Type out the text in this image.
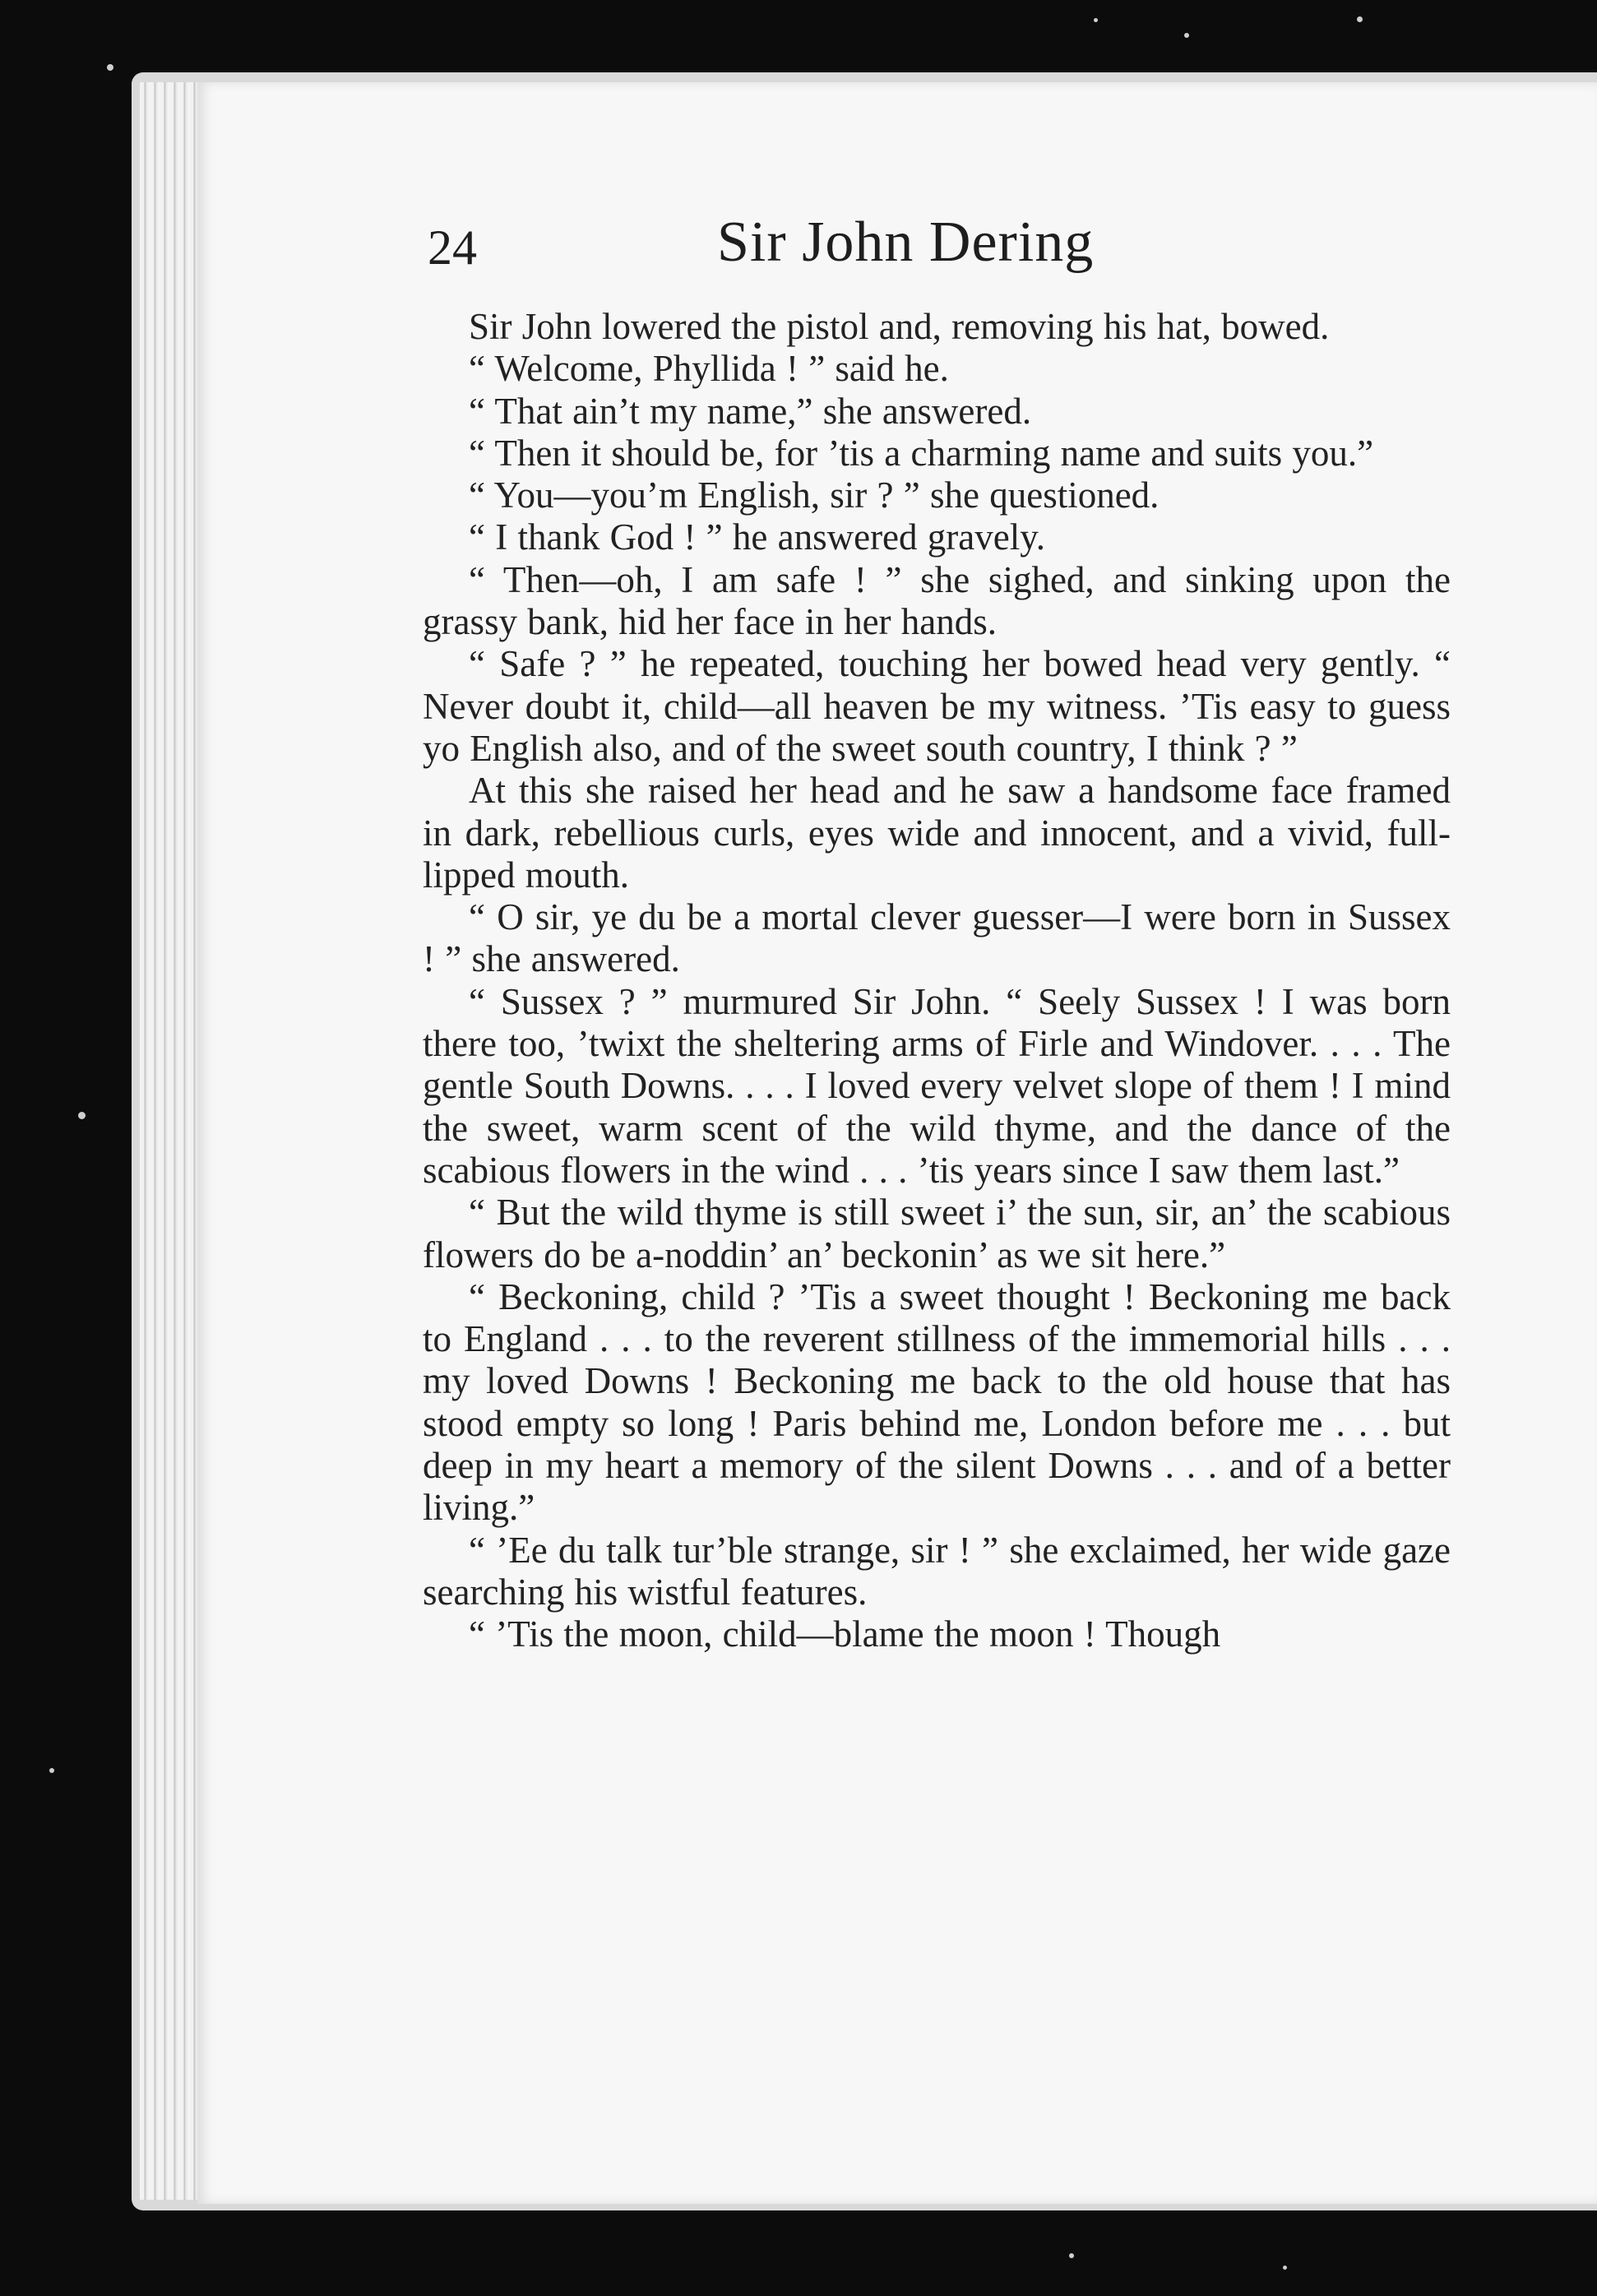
24	Sir John Dering

Sir John lowered the pistol and, removing his hat, bowed.

“ Welcome, Phyllida ! ” said he.

“ That ain’t my name,” she answered.

“ Then it should be, for ’tis a charming name and suits you.”

“ You—you’m English, sir ? ” she questioned.

“ I thank God ! ” he answered gravely.

“ Then—oh, I am safe ! ” she sighed, and sinking upon the grassy bank, hid her face in her hands.

“ Safe ? ” he repeated, touching her bowed head very gently. “ Never doubt it, child—all heaven be my witness. ’Tis easy to guess yo English also, and of the sweet south country, I think ? ”

At this she raised her head and he saw a handsome face framed in dark, rebellious curls, eyes wide and innocent, and a vivid, full-lipped mouth.

“ O sir, ye du be a mortal clever guesser—I were born in Sussex ! ” she answered.

“ Sussex ? ” murmured Sir John. “ Seely Sussex ! I was born there too, ’twixt the sheltering arms of Firle and Windover. . . . The gentle South Downs. . . . I loved every velvet slope of them ! I mind the sweet, warm scent of the wild thyme, and the dance of the scabious flowers in the wind . . . ’tis years since I saw them last.”

“ But the wild thyme is still sweet i’ the sun, sir, an’ the scabious flowers do be a-noddin’ an’ beckonin’ as we sit here.”

“ Beckoning, child ? ’Tis a sweet thought ! Beckoning me back to England . . . to the reverent stillness of the immemorial hills . . . my loved Downs ! Beckoning me back to the old house that has stood empty so long ! Paris behind me, London before me . . . but deep in my heart a memory of the silent Downs . . . and of a better living.”

“ ’Ee du talk tur’ble strange, sir ! ” she exclaimed, her wide gaze searching his wistful features.

“ ’Tis the moon, child—blame the moon ! Though
